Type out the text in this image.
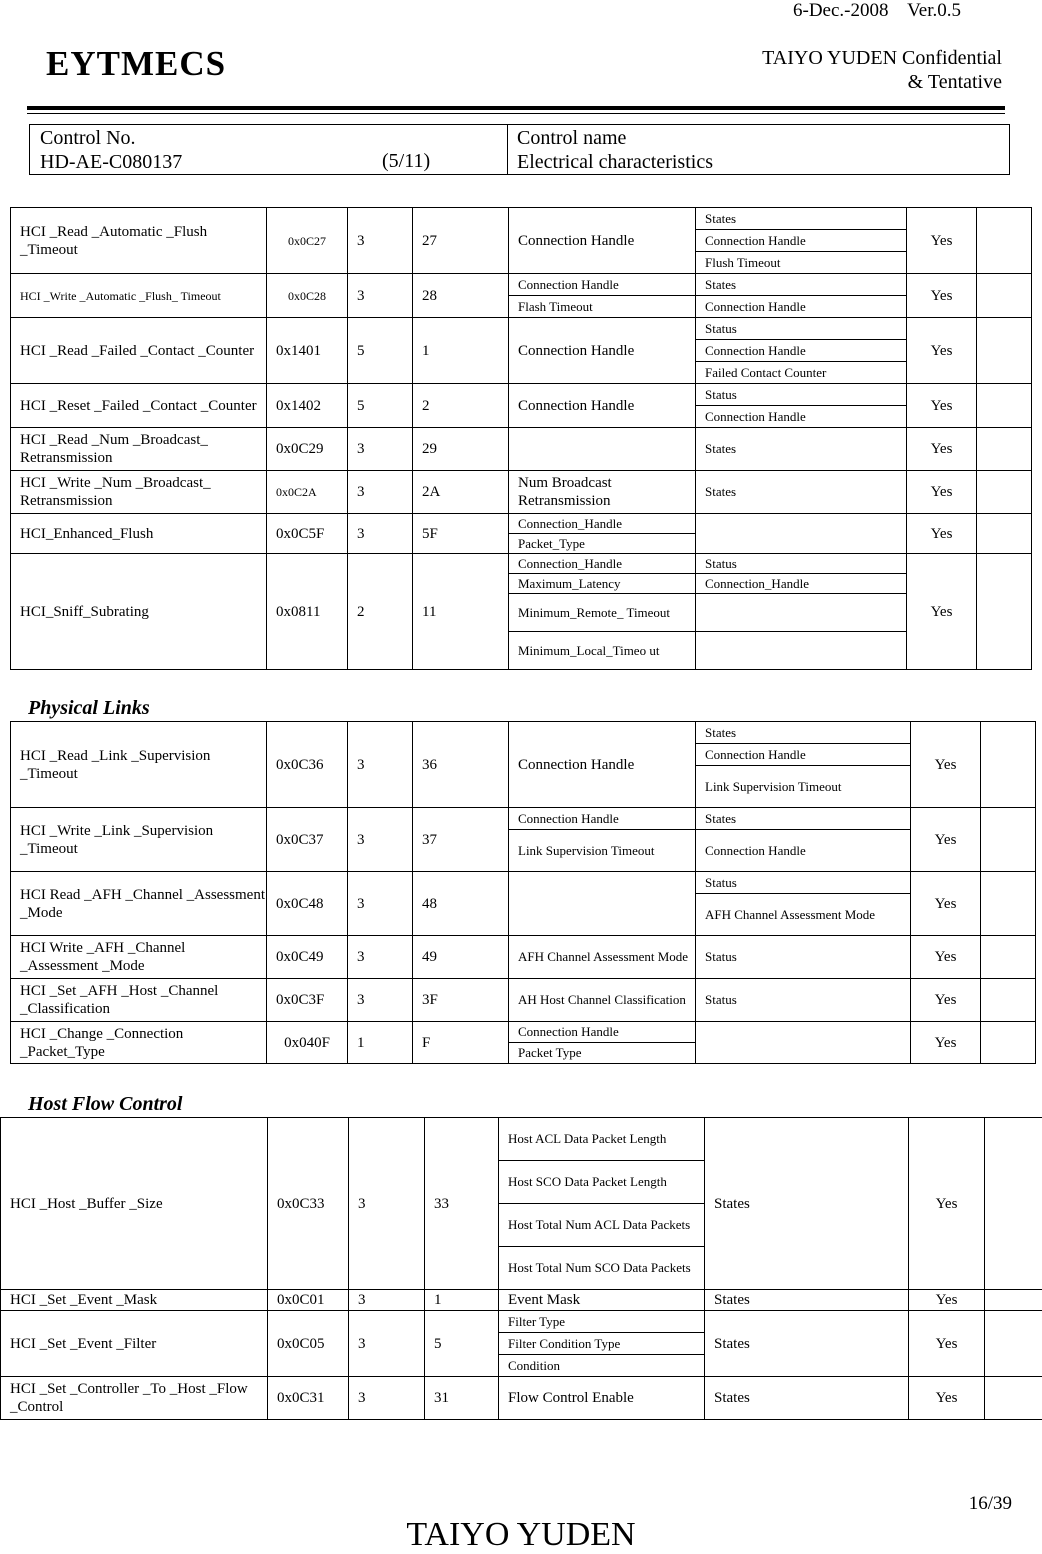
6-Dec.-2008    Ver.0.5
EYTMECS	TAIYO YUDEN Confidential
& Tentative
Control No.
HD-AE-C080137	(5/11)
Control name
Electrical characteristics
HCI _Read _Automatic _Flush _Timeout	0x0C27	3	27	Connection Handle	States	Yes	
					Connection Handle		
					Flush Timeout		
HCI _Write _Automatic _Flush_ Timeout	0x0C28	3	28	Connection Handle	States	Yes	
				Flash Timeout	Connection Handle		
HCI _Read _Failed _Contact _Counter	0x1401	5	1	Connection Handle	Status	Yes	
					Connection Handle		
					Failed Contact Counter		
HCI _Reset _Failed _Contact _Counter	0x1402	5	2	Connection Handle	Status	Yes	
					Connection Handle		
HCI _Read _Num _Broadcast_ Retransmission	0x0C29	3	29		States	Yes	
HCI _Write _Num _Broadcast_ Retransmission	0x0C2A	3	2A	Num Broadcast Retransmission	States	Yes	
HCI_Enhanced_Flush	0x0C5F	3	5F	Connection_Handle		Yes	
				Packet_Type			
HCI_Sniff_Subrating	0x0811	2	11	Connection_Handle	Status	Yes	
				Maximum_Latency	Connection_Handle		
				Minimum_Remote_ Timeout			
				Minimum_Local_Timeo ut			
Physical Links
HCI _Read _Link _Supervision _Timeout	0x0C36	3	36	Connection Handle	States	Yes	
					Connection Handle		
					Link Supervision Timeout		
HCI _Write _Link _Supervision _Timeout	0x0C37	3	37	Connection Handle	States	Yes	
				Link Supervision Timeout	Connection Handle		
HCI Read _AFH _Channel _Assessment _Mode	0x0C48	3	48		Status	Yes	
					AFH Channel Assessment Mode		
HCI Write _AFH _Channel _Assessment _Mode	0x0C49	3	49	AFH Channel Assessment Mode	Status	Yes	
HCI _Set _AFH _Host _Channel _Classification	0x0C3F	3	3F	AH Host Channel Classification	Status	Yes	
HCI _Change _Connection _Packet_Type	0x040F	1	F	Connection Handle		Yes	
				Packet Type			
Host Flow Control
HCI _Host _Buffer _Size	0x0C33	3	33	Host ACL Data Packet Length	States	Yes	
				Host SCO Data Packet Length			
				Host Total Num ACL Data Packets			
				Host Total Num SCO Data Packets			
HCI _Set _Event _Mask	0x0C01	3	1	Event Mask	States	Yes	
HCI _Set _Event _Filter	0x0C05	3	5	Filter Type	States	Yes	
				Filter Condition Type			
				Condition			
HCI _Set _Controller _To _Host _Flow _Control	0x0C31	3	31	Flow Control Enable	States	Yes	
16/39
TAIYO YUDEN
